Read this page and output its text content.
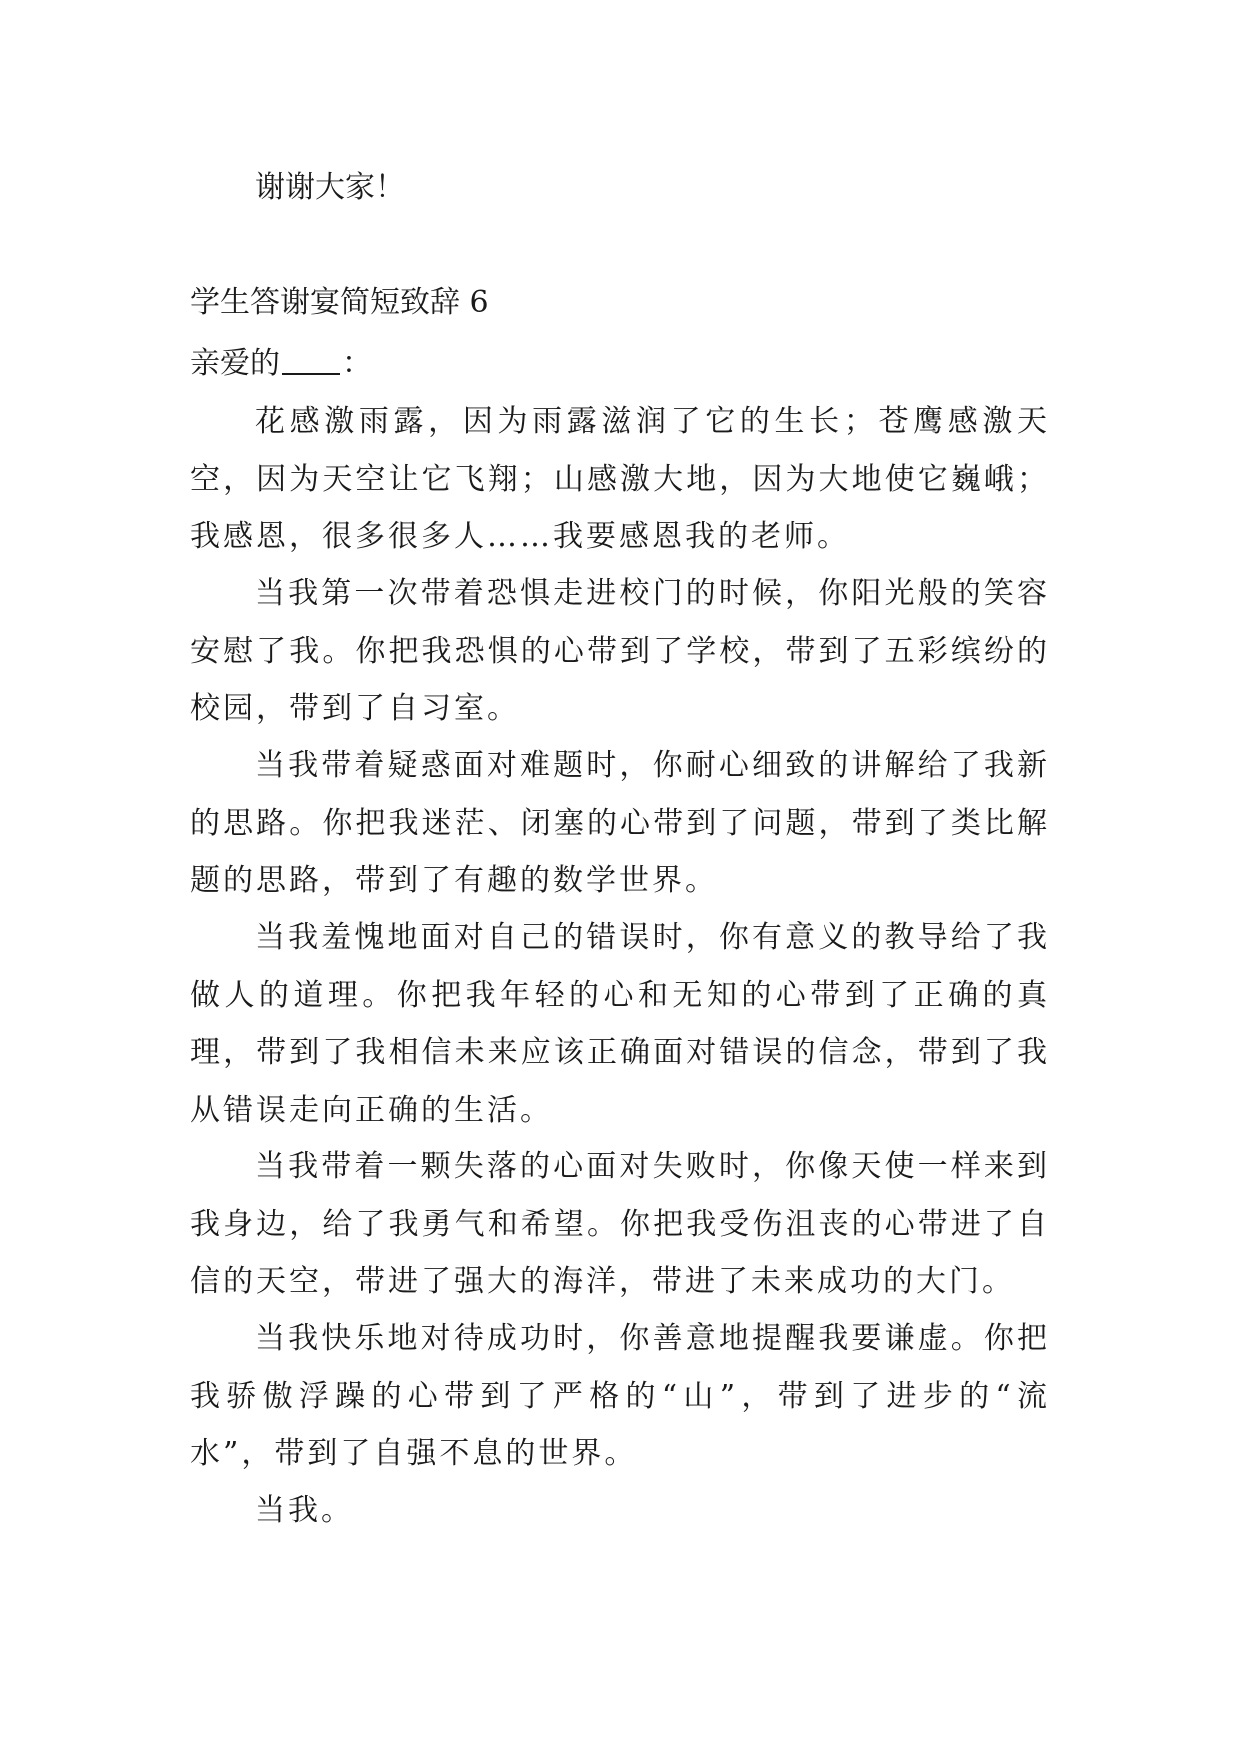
谢谢大家！
学生答谢宴简短致辞 6
亲爱的 ：

花感激雨露，因为雨露滋润了它的生长；苍鹰感激天空，因为天空让它飞翔；山感激大地，因为大地使它巍峨；我感恩，很多很多人……我要感恩我的老师。

当我第一次带着恐惧走进校门的时候，你阳光般的笑容安慰了我。你把我恐惧的心带到了学校，带到了五彩缤纷的校园，带到了自习室。

当我带着疑惑面对难题时，你耐心细致的讲解给了我新的思路。你把我迷茫、闭塞的心带到了问题，带到了类比解题的思路，带到了有趣的数学世界。

当我羞愧地面对自己的错误时，你有意义的教导给了我做人的道理。你把我年轻的心和无知的心带到了正确的真理，带到了我相信未来应该正确面对错误的信念，带到了我从错误走向正确的生活。

当我带着一颗失落的心面对失败时，你像天使一样来到我身边，给了我勇气和希望。你把我受伤沮丧的心带进了自信的天空，带进了强大的海洋，带进了未来成功的大门。

当我快乐地对待成功时，你善意地提醒我要谦虚。你把我骄傲浮躁的心带到了严格的“山”，带到了进步的“流水”，带到了自强不息的世界。

当我。
